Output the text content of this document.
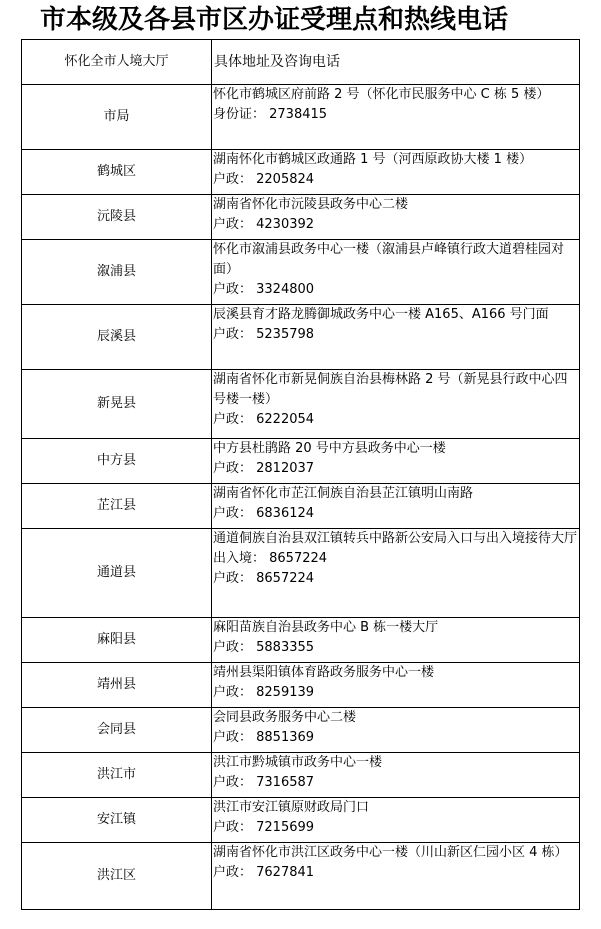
市本级及各县市区办证受理点和热线电话
怀化全市人境大厅	具体地址及咨询电话
市局	怀化市鹤城区府前路 2 号（怀化市民服务中心 C 栋 5 楼）
身份证： 2738415

鹤城区	湖南怀化市鹤城区政通路 1 号（河西原政协大楼 1 楼）
户政： 2205824

沅陵县	湖南省怀化市沅陵县政务中心二楼
户政： 4230392

溆浦县	怀化市溆浦县政务中心一楼（溆浦县卢峰镇行政大道碧桂园对面）
户政： 3324800

辰溪县	辰溪县育才路龙腾御城政务中心一楼 A165、A166 号门面
户政： 5235798

新晃县	湖南省怀化市新晃侗族自治县梅林路 2 号（新晃县行政中心四号楼一楼）
户政： 6222054

中方县	中方县杜鹃路 20 号中方县政务中心一楼
户政： 2812037

芷江县	湖南省怀化市芷江侗族自治县芷江镇明山南路
户政： 6836124

通道县	通道侗族自治县双江镇转兵中路新公安局入口与出入境接待大厅
出入境： 8657224
户政： 8657224

麻阳县	麻阳苗族自治县政务中心 B 栋一楼大厅
户政： 5883355

靖州县	靖州县渠阳镇体育路政务服务中心一楼
户政： 8259139

会同县	会同县政务服务中心二楼
户政： 8851369

洪江市	洪江市黔城镇市政务中心一楼
户政： 7316587

安江镇	洪江市安江镇原财政局门口
户政： 7215699

洪江区	湖南省怀化市洪江区政务中心一楼（川山新区仁园小区 4 栋）
户政： 7627841
